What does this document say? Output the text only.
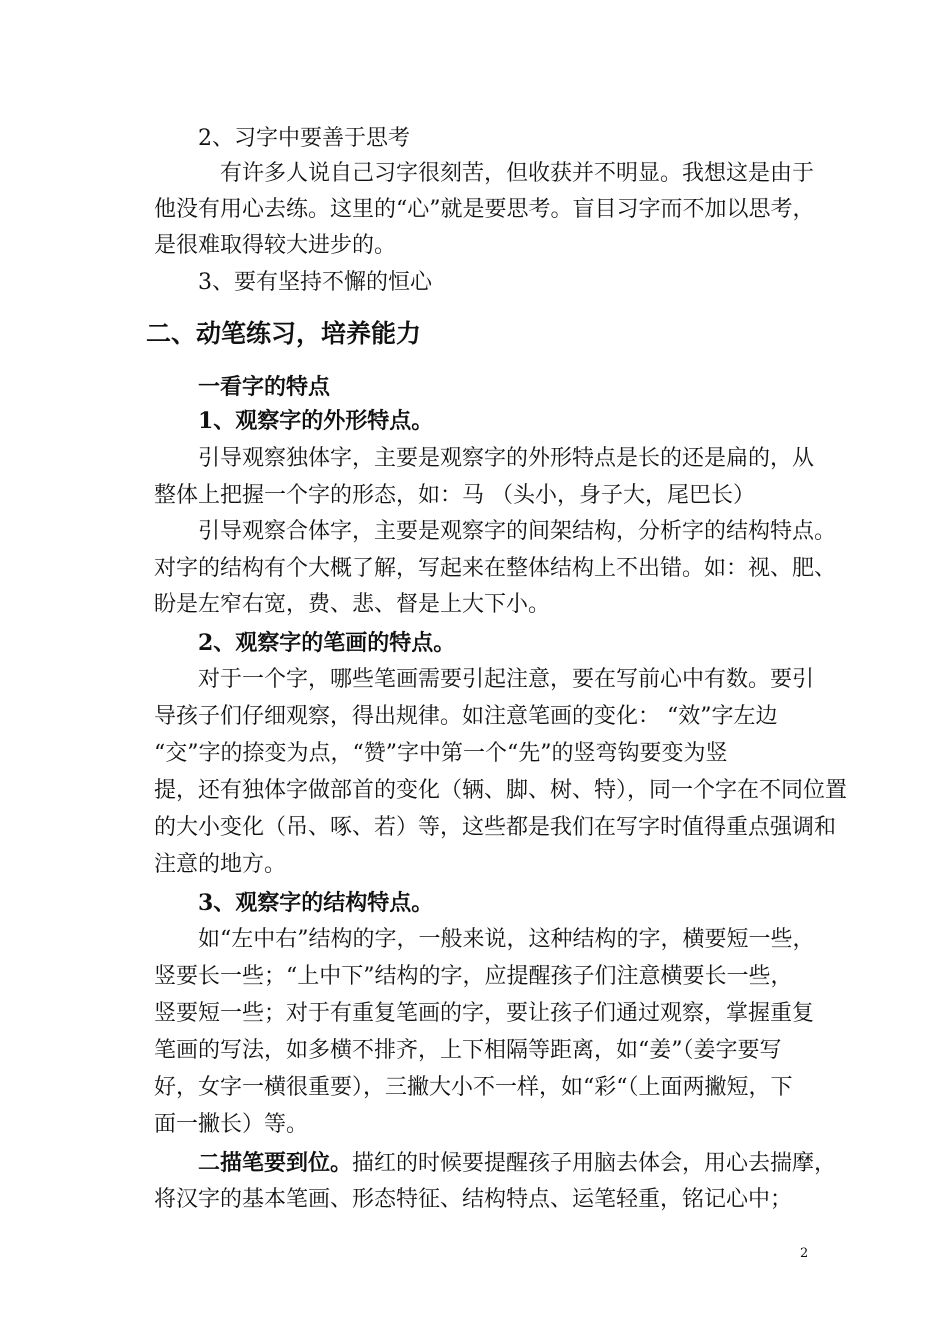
2、习字中要善于思考
有许多人说自己习字很刻苦，但收获并不明显。我想这是由于
他没有用心去练。这里的“心”就是要思考。盲目习字而不加以思考，
是很难取得较大进步的。
3、要有坚持不懈的恒心
二、动笔练习，培养能力
一看字的特点
1、观察字的外形特点。
引导观察独体字，主要是观察字的外形特点是长的还是扁的，从
整体上把握一个字的形态，如：马 （头小，身子大，尾巴长）
引导观察合体字，主要是观察字的间架结构，分析字的结构特点。
对字的结构有个大概了解，写起来在整体结构上不出错。如：视、肥、
盼是左窄右宽，费、悲、督是上大下小。
2、观察字的笔画的特点。
对于一个字，哪些笔画需要引起注意，要在写前心中有数。要引
导孩子们仔细观察，得出规律。如注意笔画的变化： “效”字左边
“交”字的捺变为点，“赞”字中第一个“先”的竖弯钩要变为竖
提，还有独体字做部首的变化（辆、脚、树、特），同一个字在不同位置
的大小变化（吊、啄、若）等，这些都是我们在写字时值得重点强调和
注意的地方。
3、观察字的结构特点。
如“左中右”结构的字，一般来说，这种结构的字，横要短一些，
竖要长一些；“上中下”结构的字，应提醒孩子们注意横要长一些，
竖要短一些；对于有重复笔画的字，要让孩子们通过观察，掌握重复
笔画的写法，如多横不排齐，上下相隔等距离，如“姜”（姜字要写
好，女字一横很重要），三撇大小不一样，如“彩“（上面两撇短，下
面一撇长）等。
二描笔要到位。描红的时候要提醒孩子用脑去体会，用心去揣摩，
将汉字的基本笔画、形态特征、结构特点、运笔轻重，铭记心中；
2
